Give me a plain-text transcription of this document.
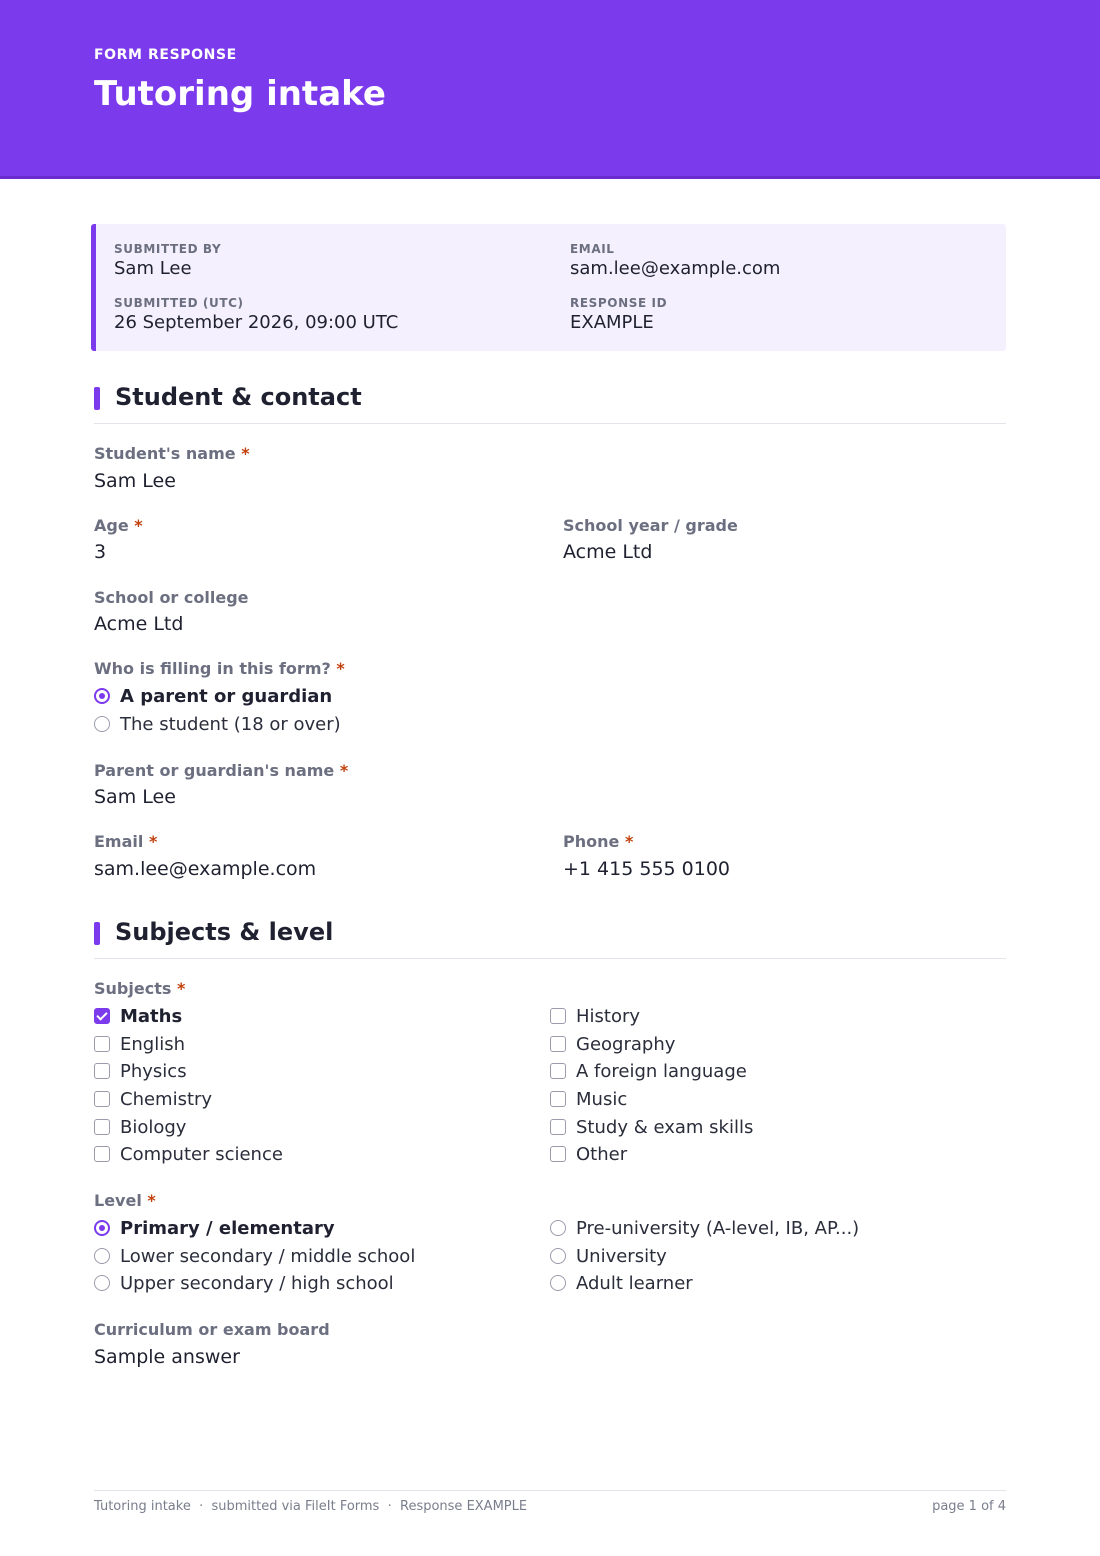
FORM RESPONSE
Tutoring intake
SUBMITTED BY
Sam Lee
EMAIL
sam.lee@example.com
SUBMITTED (UTC)
26 September 2026, 09:00 UTC
RESPONSE ID
EXAMPLE
Student & contact
Student's name *
Sam Lee
Age *
3
School year / grade
Acme Ltd
School or college
Acme Ltd
Who is filling in this form? *
A parent or guardian
The student (18 or over)
Parent or guardian's name *
Sam Lee
Email *
sam.lee@example.com
Phone *
+1 415 555 0100
Subjects & level
Subjects *
Maths
English
Physics
Chemistry
Biology
Computer science
History
Geography
A foreign language
Music
Study & exam skills
Other
Level *
Primary / elementary
Lower secondary / middle school
Upper secondary / high school
Pre-university (A-level, IB, AP...)
University
Adult learner
Curriculum or exam board
Sample answer
Tutoring intake  ·  submitted via FileIt Forms  ·  Response EXAMPLE	page 1 of 4
